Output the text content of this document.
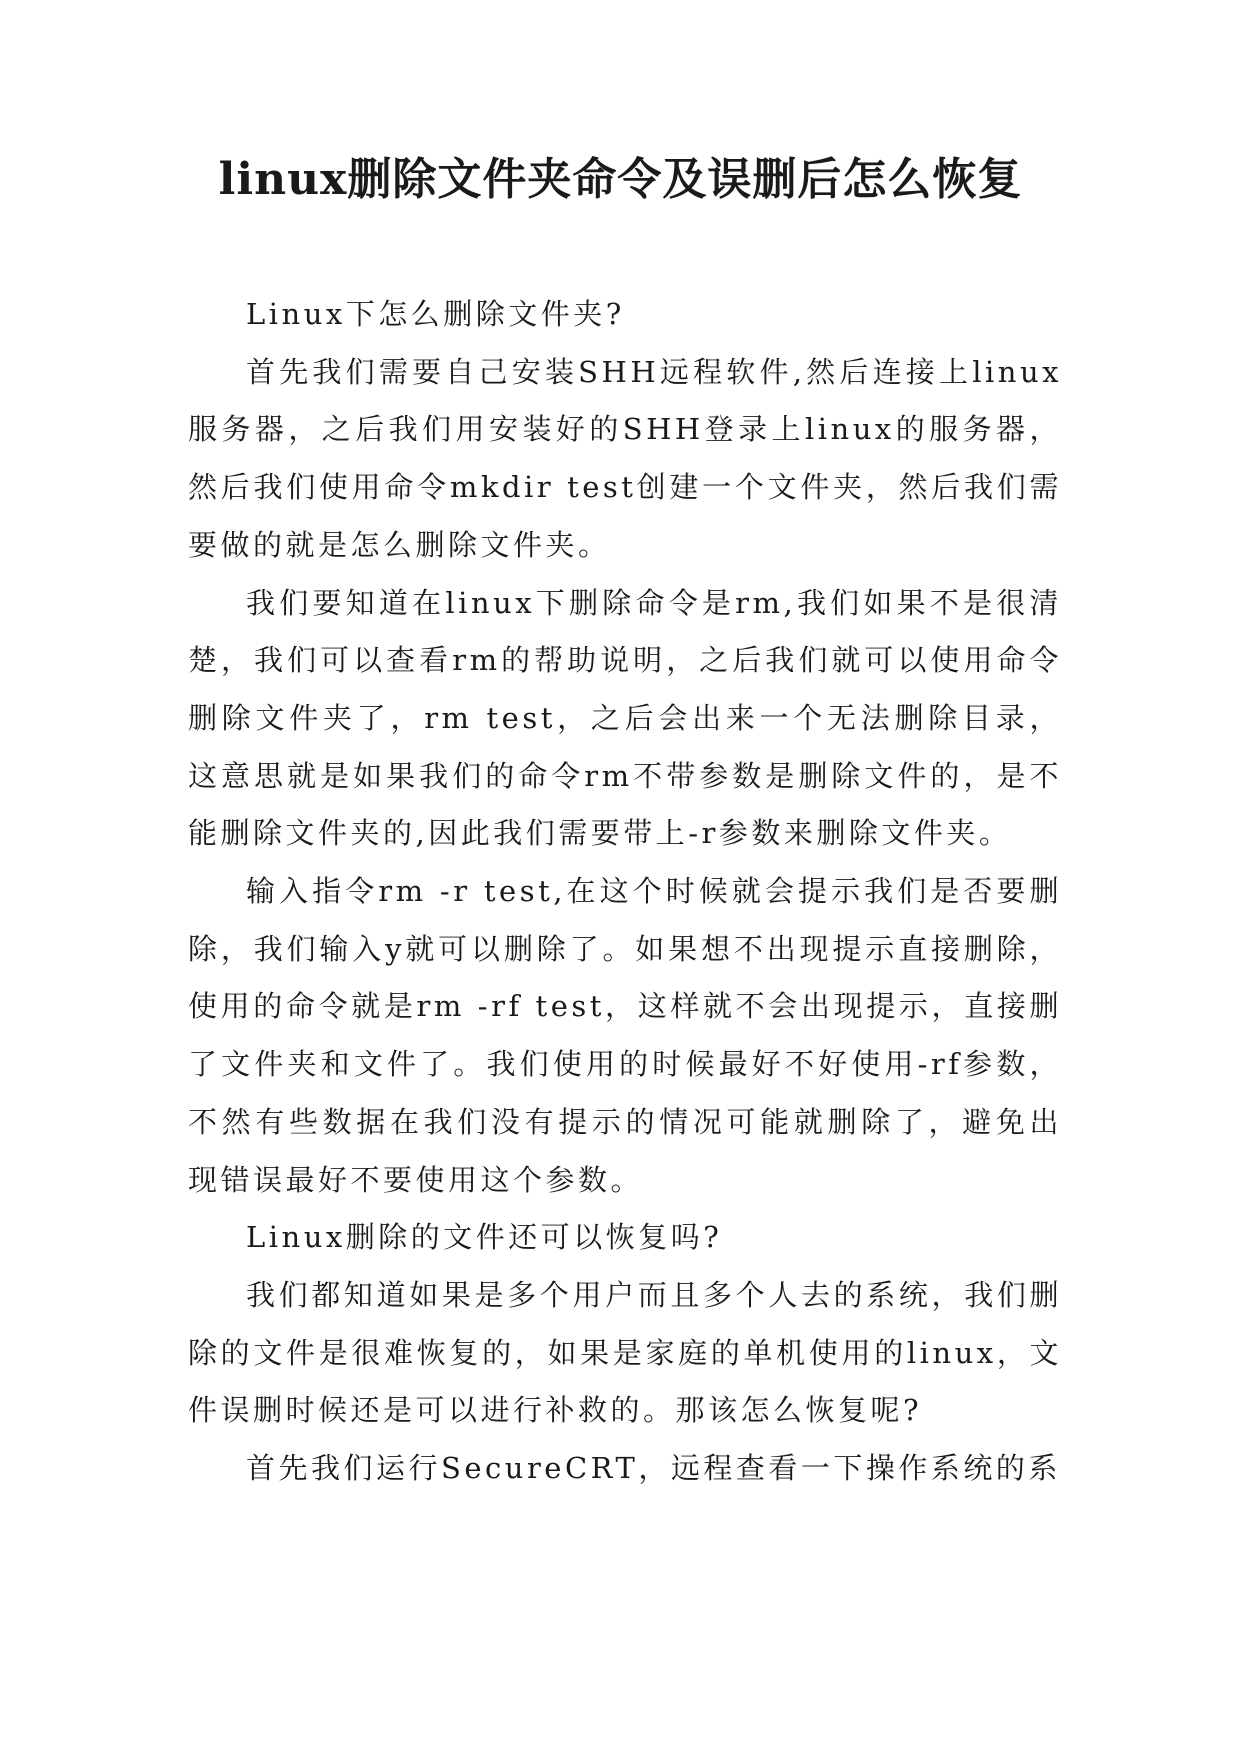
linux删除文件夹命令及误删后怎么恢复

Linux下怎么删除文件夹?

首先我们需要自己安装SHH远程软件,然后连接上linux服务器，之后我们用安装好的SHH登录上linux的服务器，然后我们使用命令mkdir test创建一个文件夹，然后我们需要做的就是怎么删除文件夹。

我们要知道在linux下删除命令是rm,我们如果不是很清楚，我们可以查看rm的帮助说明，之后我们就可以使用命令删除文件夹了，rm test，之后会出来一个无法删除目录，这意思就是如果我们的命令rm不带参数是删除文件的，是不能删除文件夹的,因此我们需要带上-r参数来删除文件夹。

输入指令rm -r test,在这个时候就会提示我们是否要删除，我们输入y就可以删除了。如果想不出现提示直接删除，使用的命令就是rm -rf test，这样就不会出现提示，直接删了文件夹和文件了。我们使用的时候最好不好使用-rf参数，不然有些数据在我们没有提示的情况可能就删除了，避免出现错误最好不要使用这个参数。

Linux删除的文件还可以恢复吗?

我们都知道如果是多个用户而且多个人去的系统，我们删除的文件是很难恢复的，如果是家庭的单机使用的linux，文件误删时候还是可以进行补救的。那该怎么恢复呢?

首先我们运行SecureCRT，远程查看一下操作系统的系
